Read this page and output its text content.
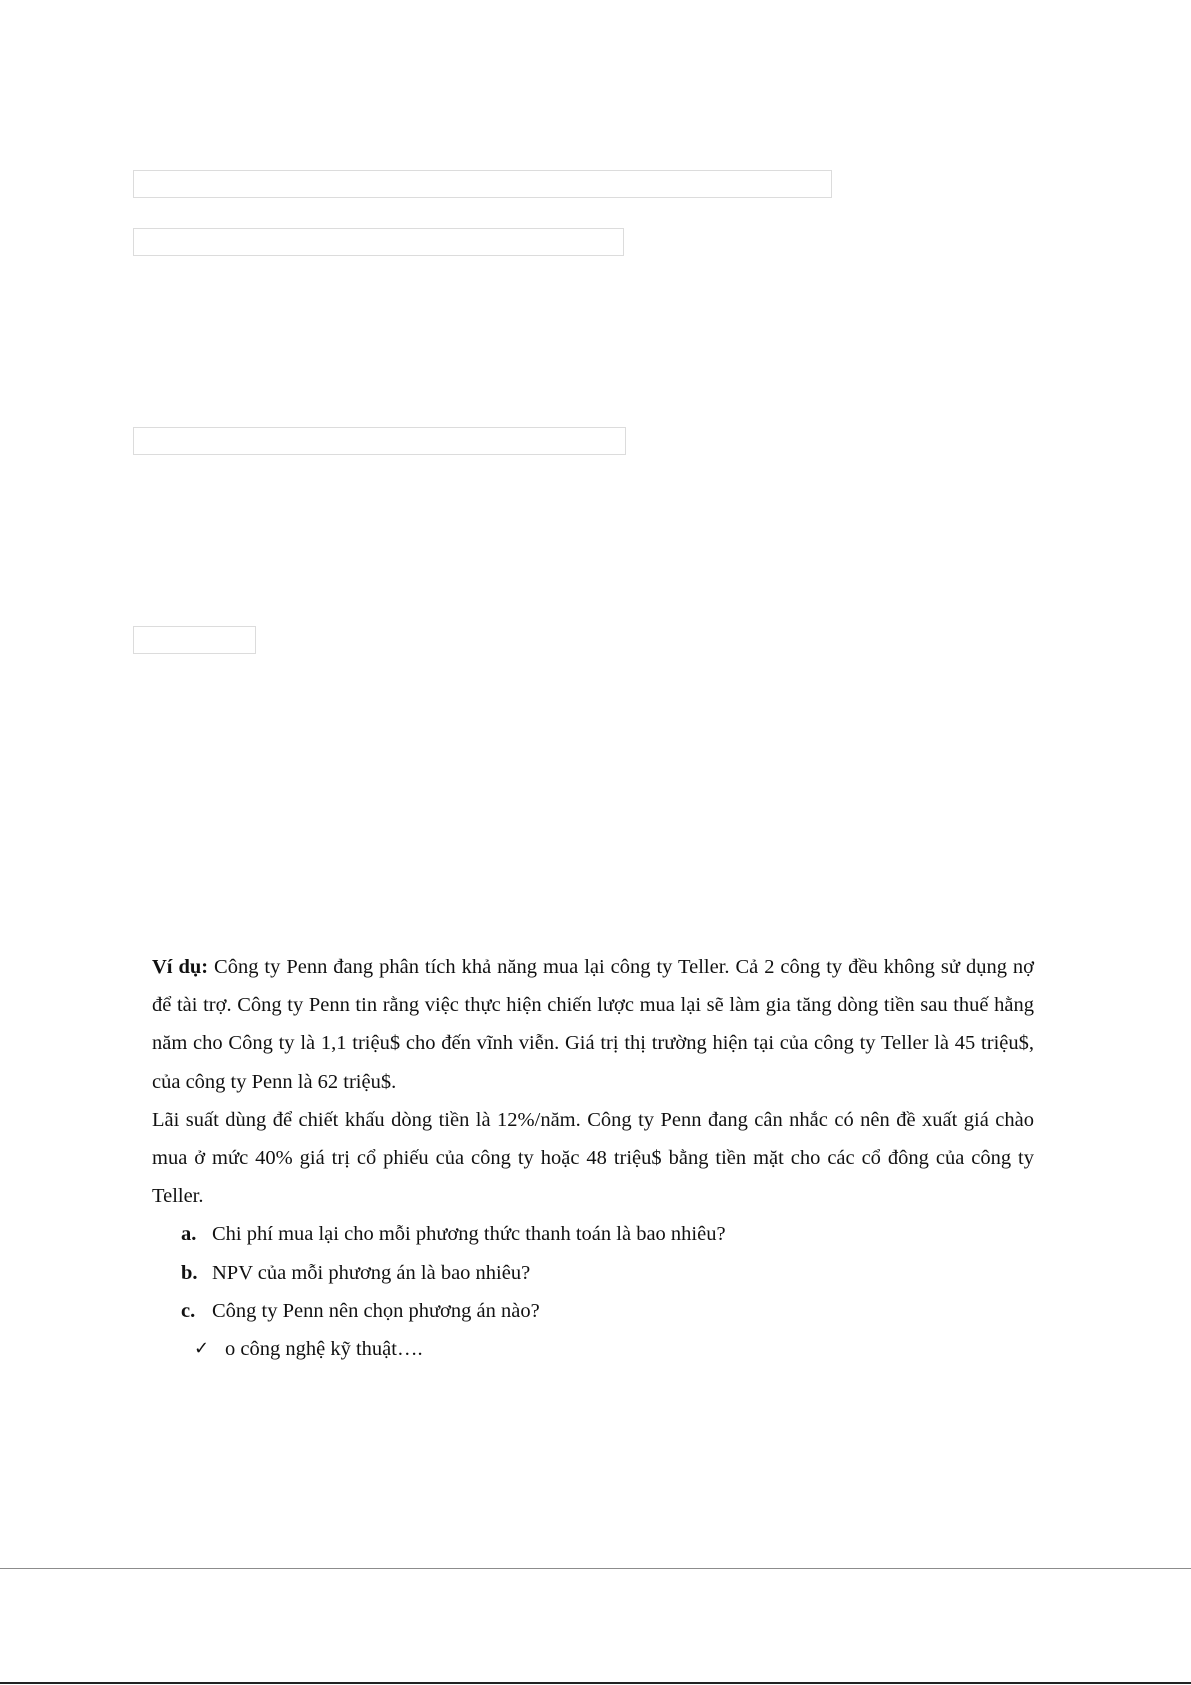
Ví dụ: Công ty Penn đang phân tích khả năng mua lại công ty Teller. Cả 2 công ty đều không sử dụng nợ để tài trợ. Công ty Penn tin rằng việc thực hiện chiến lược mua lại sẽ làm gia tăng dòng tiền sau thuế hằng năm cho Công ty là 1,1 triệu$ cho đến vĩnh viễn. Giá trị thị trường hiện tại của công ty Teller là 45 triệu$, của công ty Penn là 62 triệu$.

Lãi suất dùng để chiết khấu dòng tiền là 12%/năm. Công ty Penn đang cân nhắc có nên đề xuất giá chào mua ở mức 40% giá trị cổ phiếu của công ty hoặc 48 triệu$ bằng tiền mặt cho các cổ đông của công ty Teller.

a. Chi phí mua lại cho mỗi phương thức thanh toán là bao nhiêu?
b. NPV của mỗi phương án là bao nhiêu?
c. Công ty Penn nên chọn phương án nào?
✓ o công nghệ kỹ thuật….
